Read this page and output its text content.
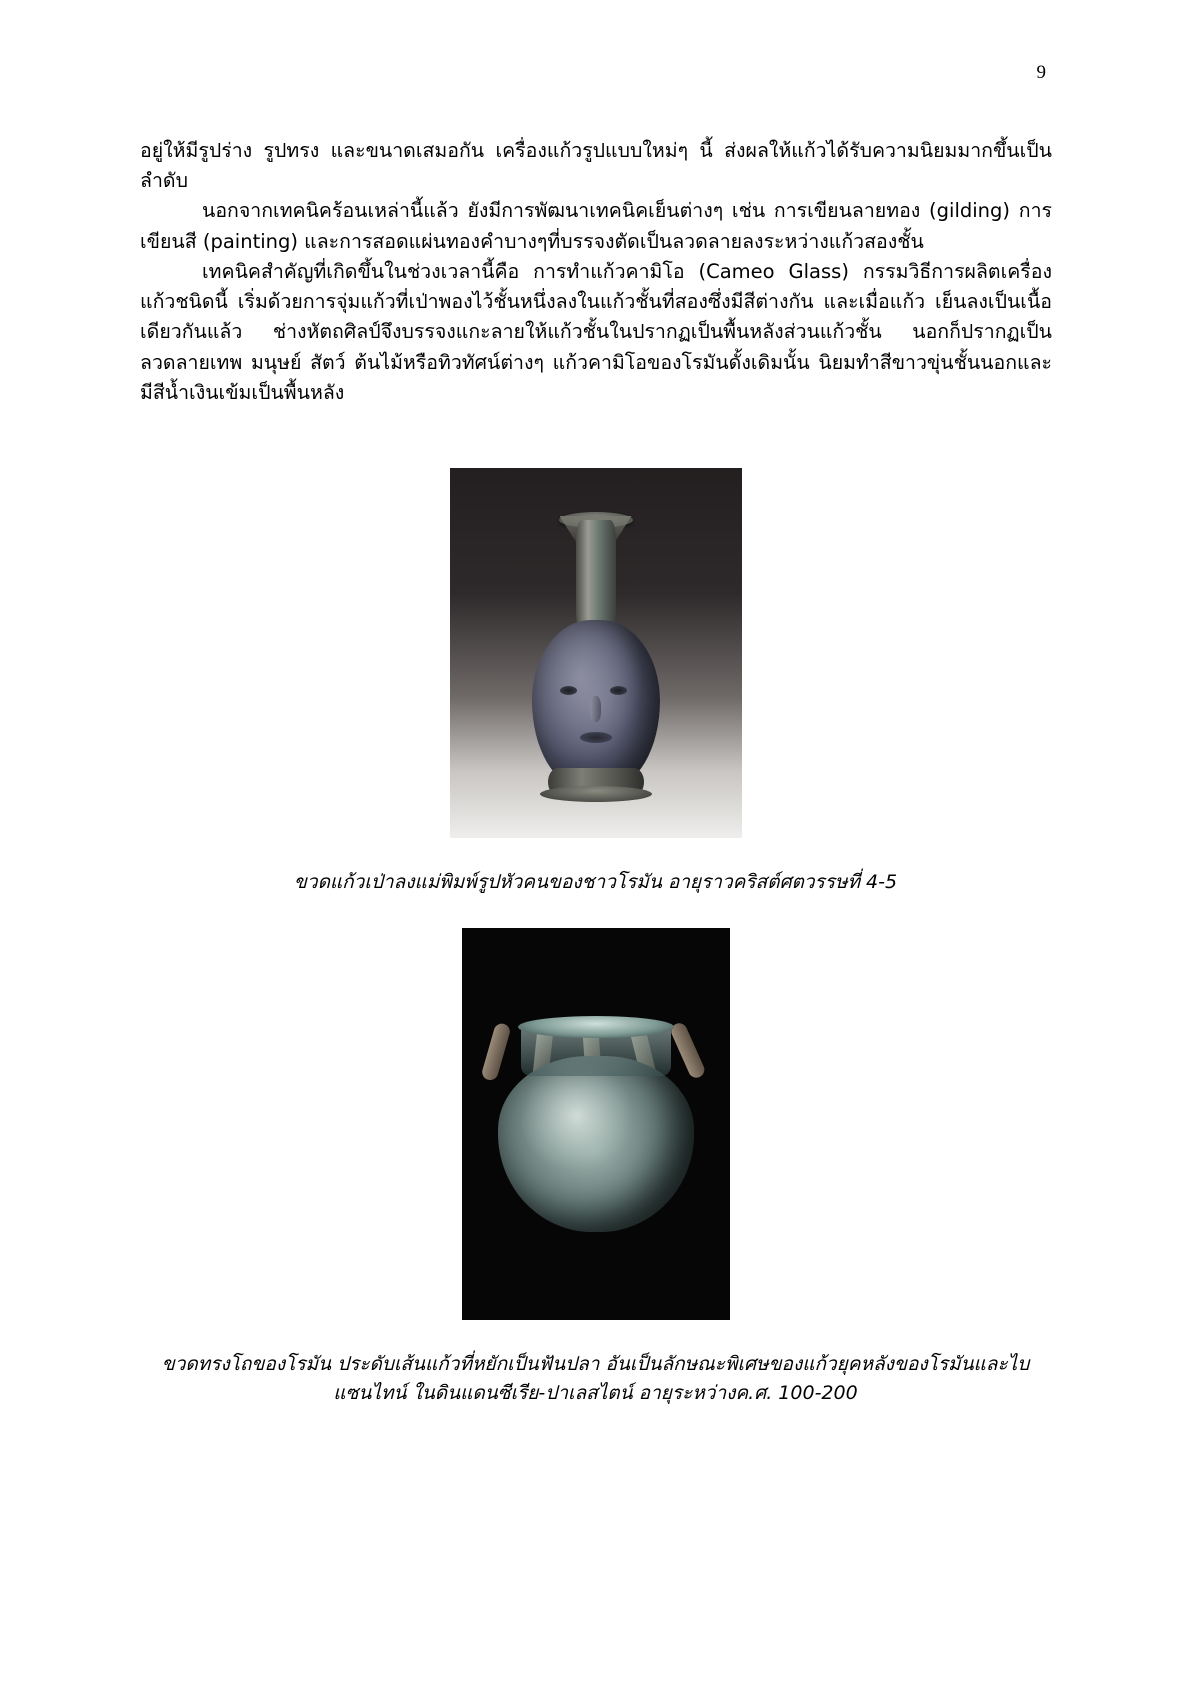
9

อยู่ให้มีรูปร่าง รูปทรง และขนาดเสมอกัน เครื่องแก้วรูปแบบใหม่ๆ นี้ ส่งผลให้แก้วได้รับความนิยมมากขึ้นเป็นลำดับ

นอกจากเทคนิคร้อนเหล่านี้แล้ว ยังมีการพัฒนาเทคนิคเย็นต่างๆ เช่น การเขียนลายทอง (gilding) การเขียนสี (painting) และการสอดแผ่นทองคำบางๆที่บรรจงตัดเป็นลวดลายลงระหว่างแก้วสองชั้น

เทคนิคสำคัญที่เกิดขึ้นในช่วงเวลานี้คือ การทำแก้วคามิโอ (Cameo Glass) กรรมวิธีการผลิตเครื่องแก้วชนิดนี้ เริ่มด้วยการจุ่มแก้วที่เป่าพองไว้ชั้นหนึ่งลงในแก้วชั้นที่สองซึ่งมีสีต่างกัน และเมื่อแก้ว เย็นลงเป็นเนื้อเดียวกันแล้ว ช่างหัตถศิลป์จึงบรรจงแกะลายให้แก้วชั้นในปรากฏเป็นพื้นหลังส่วนแก้วชั้น นอกก็ปรากฏเป็นลวดลายเทพ มนุษย์ สัตว์ ต้นไม้หรือทิวทัศน์ต่างๆ แก้วคามิโอของโรมันดั้งเดิมนั้น นิยมทำสีขาวขุ่นชั้นนอกและมีสีน้ำเงินเข้มเป็นพื้นหลัง

ขวดแก้วเป่าลงแม่พิมพ์รูปหัวคนของชาวโรมัน อายุราวคริสต์ศตวรรษที่ 4-5
ขวดทรงโถของโรมัน ประดับเส้นแก้วที่หยักเป็นฟันปลา อันเป็นลักษณะพิเศษของแก้วยุคหลังของโรมันและไบ
แซนไทน์ ในดินแดนซีเรีย-ปาเลสไตน์ อายุระหว่างค.ศ. 100-200
